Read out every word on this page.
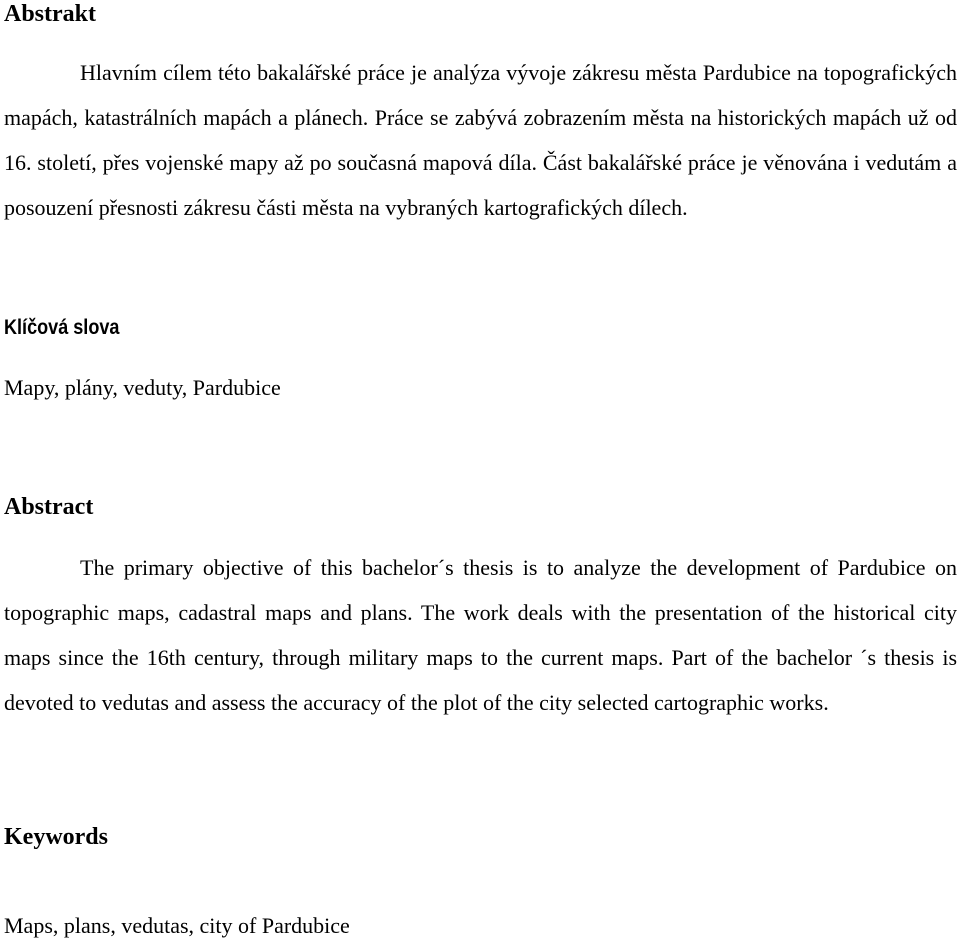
Abstrakt

Hlavním cílem této bakalářské práce je analýza vývoje zákresu města Pardubice na topografických mapách, katastrálních mapách a plánech. Práce se zabývá zobrazením města na historických mapách už od 16. století, přes vojenské mapy až po současná mapová díla. Část bakalářské práce je věnována i vedutám a posouzení přesnosti zákresu části města na vybraných kartografických dílech.

Klíčová slova

Mapy, plány, veduty, Pardubice

Abstract

The primary objective of this bachelor´s thesis is to analyze the development of Pardubice on topographic maps, cadastral maps and plans. The work deals with the presentation of the historical city maps since the 16th century, through military maps to the current maps. Part of the bachelor ´s thesis is devoted to vedutas and assess the accuracy of the plot of the city selected cartographic works.

Keywords

Maps, plans, vedutas, city of Pardubice
